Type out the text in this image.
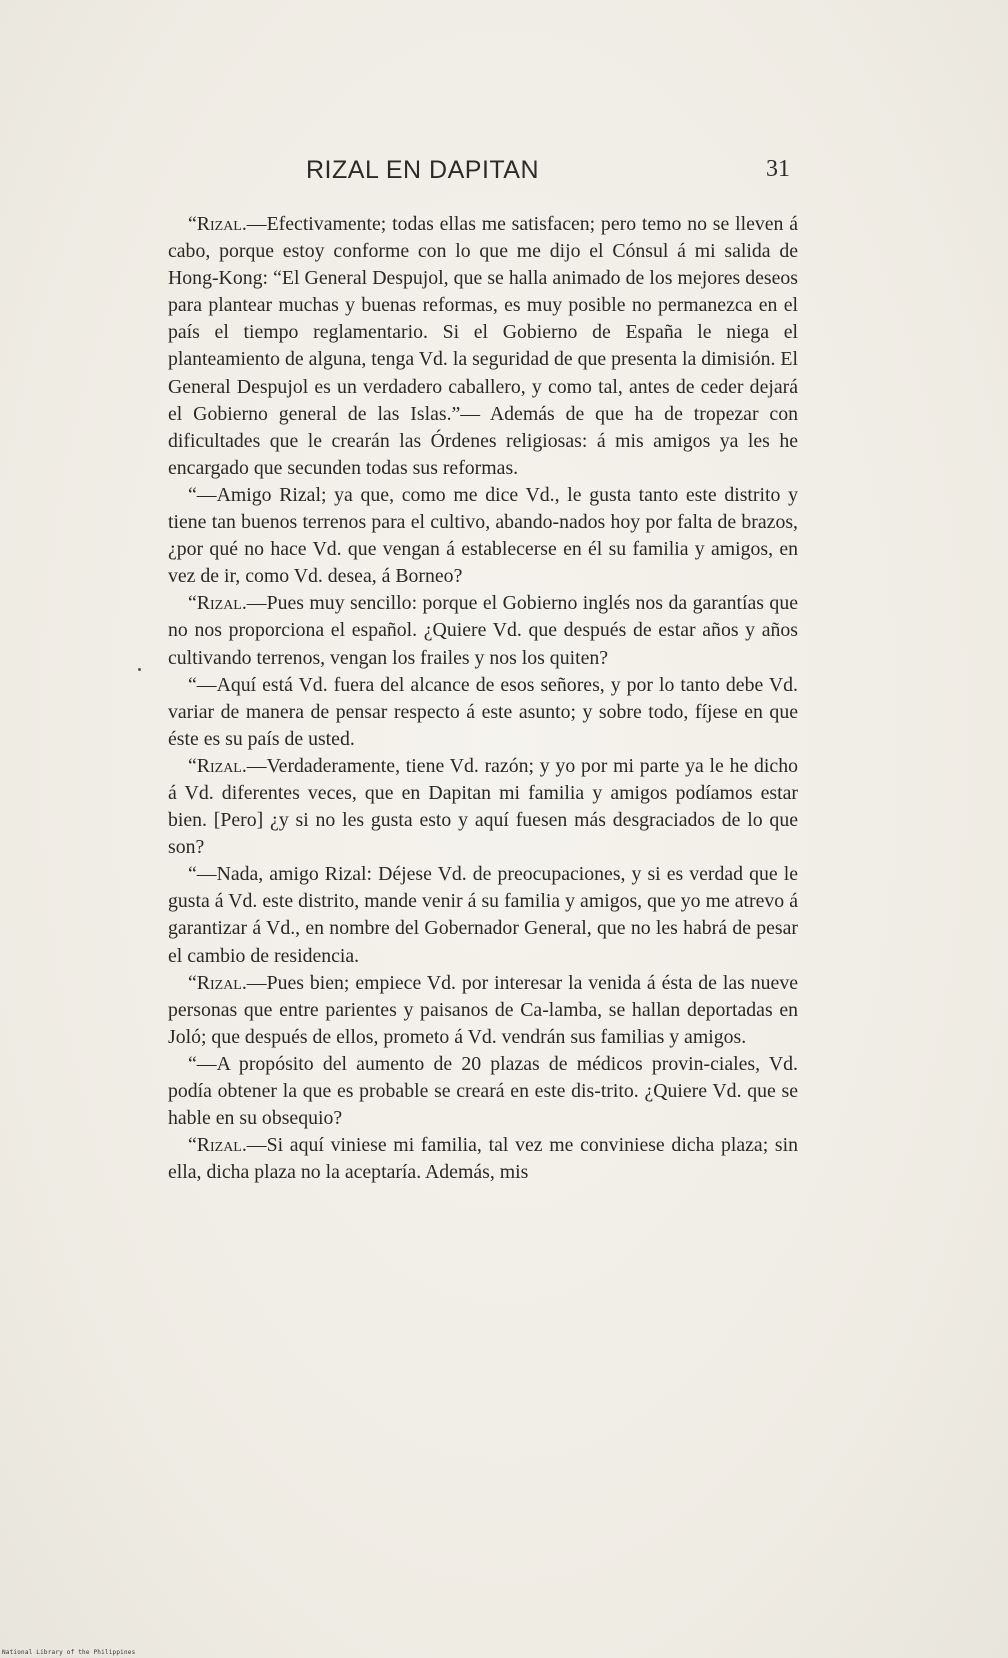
RIZAL EN DAPITAN	31

“Rizal.—Efectivamente; todas ellas me satisfacen; pero temo no se lleven á cabo, porque estoy conforme con lo que me dijo el Cónsul á mi salida de Hong-Kong: “El General Despujol, que se halla animado de los mejores deseos para plantear muchas y buenas reformas, es muy posible no permanezca en el país el tiempo reglamentario. Si el Gobierno de España le niega el planteamiento de alguna, tenga Vd. la seguridad de que presenta la dimisión. El General Despujol es un verdadero caballero, y como tal, antes de ceder dejará el Gobierno general de las Islas.”— Además de que ha de tropezar con dificultades que le crearán las Órdenes religiosas: á mis amigos ya les he encargado que secunden todas sus reformas.

“—Amigo Rizal; ya que, como me dice Vd., le gusta tanto este distrito y tiene tan buenos terrenos para el cultivo, abando-nados hoy por falta de brazos, ¿por qué no hace Vd. que vengan á establecerse en él su familia y amigos, en vez de ir, como Vd. desea, á Borneo?

“Rizal.—Pues muy sencillo: porque el Gobierno inglés nos da garantías que no nos proporciona el español. ¿Quiere Vd. que después de estar años y años cultivando terrenos, vengan los frailes y nos los quiten?

“—Aquí está Vd. fuera del alcance de esos señores, y por lo tanto debe Vd. variar de manera de pensar respecto á este asunto; y sobre todo, fíjese en que éste es su país de usted.

“Rizal.—Verdaderamente, tiene Vd. razón; y yo por mi parte ya le he dicho á Vd. diferentes veces, que en Dapitan mi familia y amigos podíamos estar bien. [Pero] ¿y si no les gusta esto y aquí fuesen más desgraciados de lo que son?

“—Nada, amigo Rizal: Déjese Vd. de preocupaciones, y si es verdad que le gusta á Vd. este distrito, mande venir á su familia y amigos, que yo me atrevo á garantizar á Vd., en nombre del Gobernador General, que no les habrá de pesar el cambio de residencia.

“Rizal.—Pues bien; empiece Vd. por interesar la venida á ésta de las nueve personas que entre parientes y paisanos de Ca-lamba, se hallan deportadas en Joló; que después de ellos, prometo á Vd. vendrán sus familias y amigos.

“—A propósito del aumento de 20 plazas de médicos provin-ciales, Vd. podía obtener la que es probable se creará en este dis-trito. ¿Quiere Vd. que se hable en su obsequio?

“Rizal.—Si aquí viniese mi familia, tal vez me conviniese dicha plaza; sin ella, dicha plaza no la aceptaría. Además, mis

National Library of the Philippines
